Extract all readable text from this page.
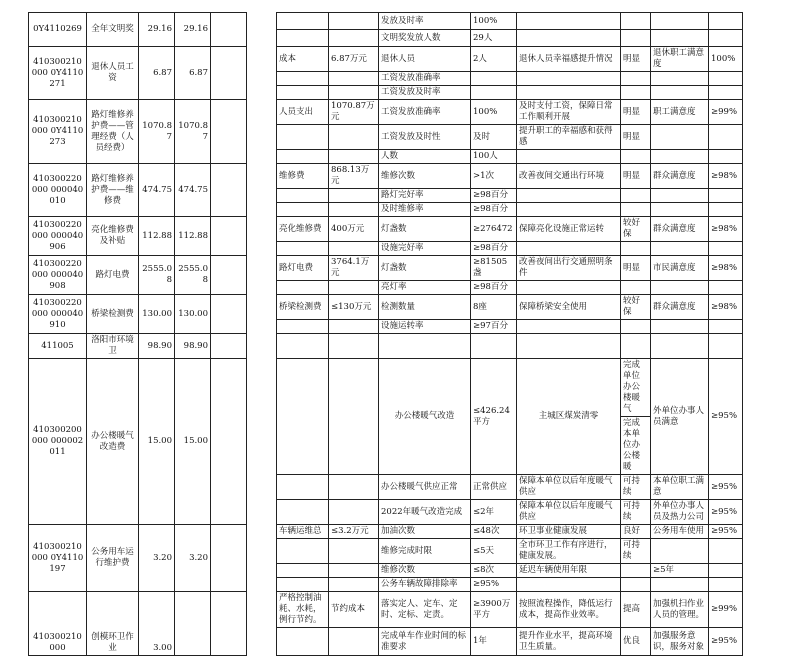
0Y4110269	全年文明奖	29.16	29.16					发放及时率	100%				
								文明奖发放人数	29人				
410300210000 0Y4110271	退休人员工资	6.87	6.87			成本	6.87万元	退休人员	2人	退休人员幸福感提升情况	明显	退休职工满意度	100%
								工资发放准确率					
								工资发放及时率					
410300210000 0Y4110273	路灯维修养护费——管理经费（人员经费）	1070.87	1070.87			人员支出	1070.87万元	工资发放准确率	100%	及时支付工资，保障日常工作顺利开展	明显	职工满意度	≥99%
								工资发放及时性	及时	提升职工的幸福感和获得感	明显		
								人数	100人				
410300220000 000040010	路灯维修养护费——维修费	474.75	474.75			维修费	868.13万元	维修次数	>1次	改善夜间交通出行环境	明显	群众满意度	≥98%
								路灯完好率	≥98百分				
								及时维修率	≥98百分				
410300220000 000040906	亮化维修费及补贴	112.88	112.88			亮化维修费	400万元	灯盏数	≥276472	保障亮化设施正常运转	较好保	群众满意度	≥98%
								设施完好率	≥98百分				
410300220000 000040908	路灯电费	2555.08	2555.08			路灯电费	3764.1万元	灯盏数	≥81505盏	改善夜间出行交通照明条件	明显	市民满意度	≥98%
								亮灯率	≥98百分				
410300220000 000040910	桥梁检测费	130.00	130.00			桥梁检测费	≤130万元	检测数量	8座	保障桥梁安全使用	较好保	群众满意度	≥98%
								设施运转率	≥97百分				
411005	洛阳市环境卫	98.90	98.90										
410300200000 000002011	办公楼暖气改造费	15.00	15.00					办公楼暖气改造	≤426.24平方	主城区煤炭清零	完成单位办公楼暖气	外单位办事人员满意	≥95%
											完成本单位办公楼暖		
								办公楼暖气供应正常	正常供应	保障本单位以后年度暖气供应	可持续	本单位职工满意	≥95%
								2022年暖气改造完成	≤2年	保障本单位以后年度暖气供应	可持续	外单位办事人员及热力公司	≥95%
410300210000 0Y4110197	公务用车运行维护费	3.20	3.20			车辆运维总	≤3.2万元	加油次数	≤48次	环卫事业健康发展	良好	公务用车使用	≥95%
								维修完成时限	≤5天	全市环卫工作有序进行，健康发展。	可持续		
								维修次数	≤8次	延迟车辆使用年限		≥5年	
								公务车辆故障排除率	≥95%				
410300210000	创模环卫作业	3.00				严格控制油耗、水耗，例行节约。	节约成本	落实定人、定车、定时、定标、定责。	≥3900万平方	按照流程操作，降低运行成本，提高作业效率。	提高	加强机扫作业人员的管理。	≥99%
								完成单车作业时间的标准要求	1年	提升作业水平，提高环境卫生质量。	优良	加强服务意识，服务对象	≥95%
